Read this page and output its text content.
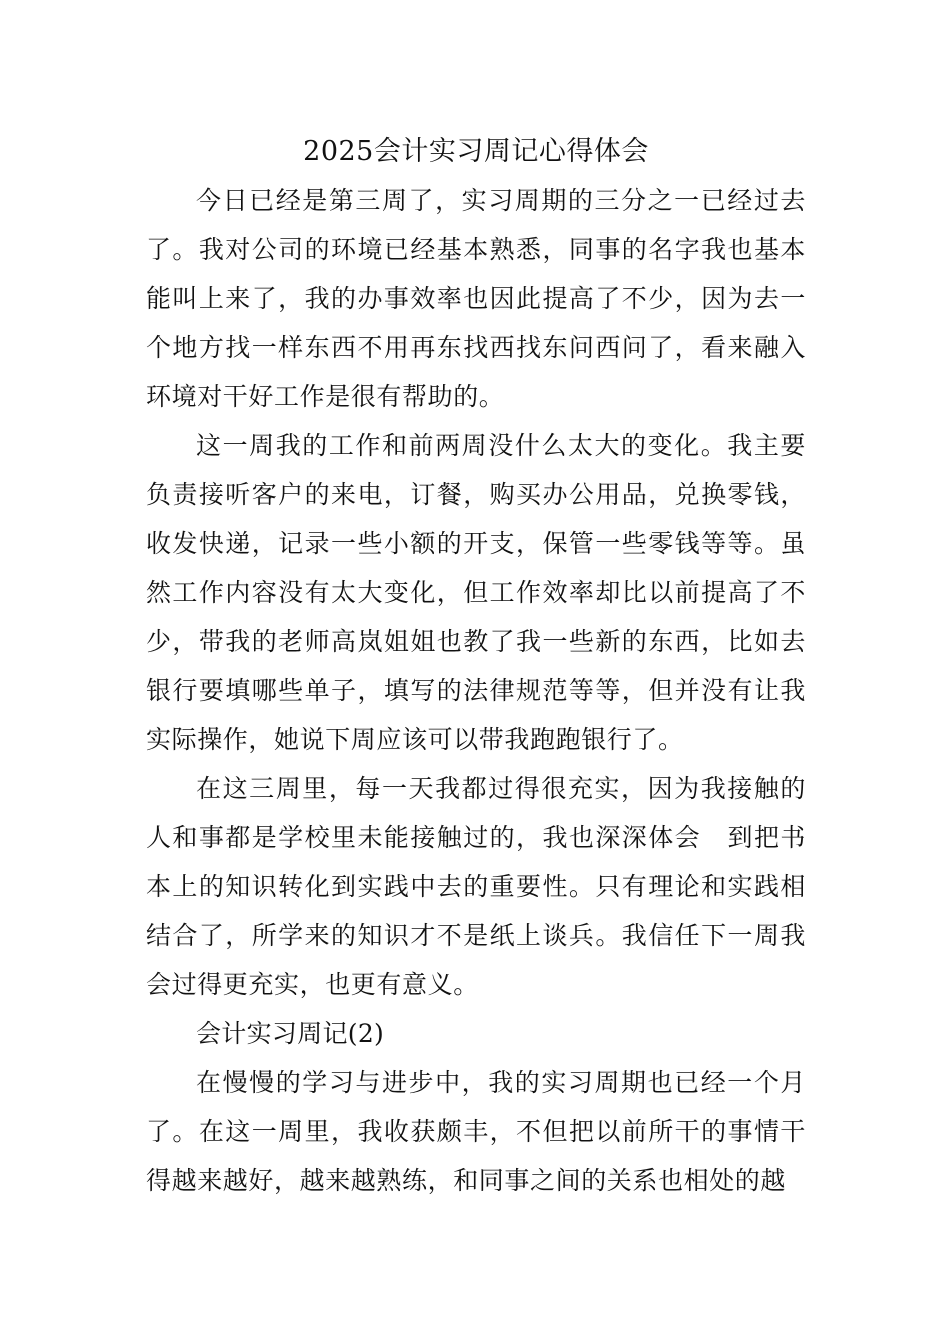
2025会计实习周记心得体会

今日已经是第三周了，实习周期的三分之一已经过去了。我对公司的环境已经基本熟悉，同事的名字我也基本能叫上来了，我的办事效率也因此提高了不少，因为去一个地方找一样东西不用再东找西找东问西问了，看来融入环境对干好工作是很有帮助的。

这一周我的工作和前两周没什么太大的变化。我主要负责接听客户的来电，订餐，购买办公用品，兑换零钱，收发快递，记录一些小额的开支，保管一些零钱等等。虽然工作内容没有太大变化，但工作效率却比以前提高了不少，带我的老师高岚姐姐也教了我一些新的东西，比如去银行要填哪些单子，填写的法律规范等等，但并没有让我实际操作，她说下周应该可以带我跑跑银行了。

在这三周里，每一天我都过得很充实，因为我接触的人和事都是学校里未能接触过的，我也深深体会　到把书本上的知识转化到实践中去的重要性。只有理论和实践相结合了，所学来的知识才不是纸上谈兵。我信任下一周我会过得更充实，也更有意义。

会计实习周记(2)

在慢慢的学习与进步中，我的实习周期也已经一个月了。在这一周里，我收获颇丰，不但把以前所干的事情干得越来越好，越来越熟练，和同事之间的关系也相处的越
